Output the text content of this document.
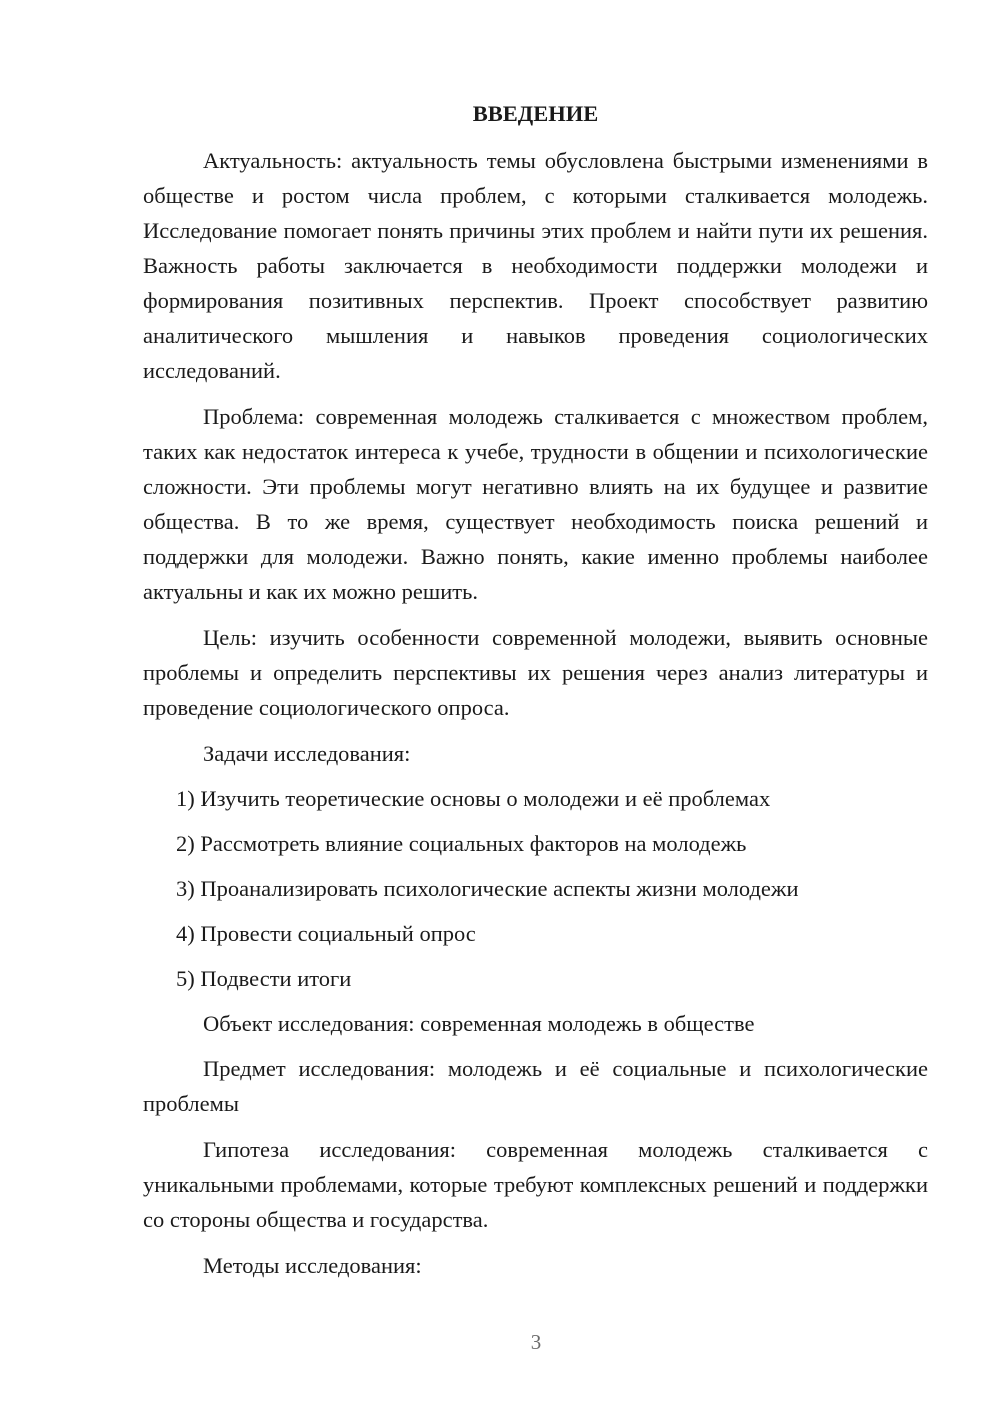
ВВЕДЕНИЕ

Актуальность: актуальность темы обусловлена быстрыми изменениями в обществе и ростом числа проблем, с которыми сталкивается молодежь. Исследование помогает понять причины этих проблем и найти пути их решения. Важность работы заключается в необходимости поддержки молодежи и формирования позитивных перспектив. Проект способствует развитию аналитического мышления и навыков проведения социологических исследований.

Проблема: современная молодежь сталкивается с множеством проблем, таких как недостаток интереса к учебе, трудности в общении и психологические сложности. Эти проблемы могут негативно влиять на их будущее и развитие общества. В то же время, существует необходимость поиска решений и поддержки для молодежи. Важно понять, какие именно проблемы наиболее актуальны и как их можно решить.

Цель: изучить особенности современной молодежи, выявить основные проблемы и определить перспективы их решения через анализ литературы и проведение социологического опроса.

Задачи исследования:

1) Изучить теоретические основы о молодежи и её проблемах

2) Рассмотреть влияние социальных факторов на молодежь

3) Проанализировать психологические аспекты жизни молодежи

4) Провести социальный опрос

5) Подвести итоги

Объект исследования: современная молодежь в обществе

Предмет исследования: молодежь и её социальные и психологические проблемы

Гипотеза исследования: современная молодежь сталкивается с уникальными проблемами, которые требуют комплексных решений и поддержки со стороны общества и государства.

Методы исследования:

3
